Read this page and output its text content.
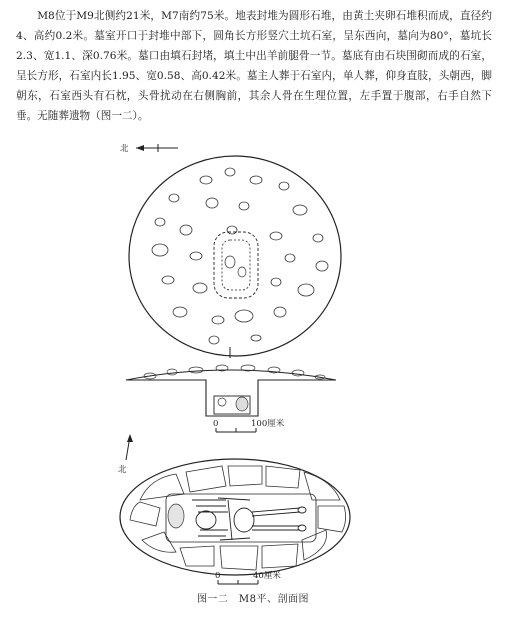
M8位于M9北侧约21米，M7南约75米。地表封堆为圆形石堆，由黄土夹卵石堆积而成，直径约4、高约0.2米。墓室开口于封堆中部下，圆角长方形竖穴土坑石室，呈东西向，墓向为80°，墓坑长2.3、宽1.1、深0.76米。墓口由填石封堵，填土中出羊前腿骨一节。墓底有由石块围砌而成的石室，呈长方形，石室内长1.95、宽0.58、高0.42米。墓主人葬于石室内，单人葬，仰身直肢，头朝西，脚朝东，石室西头有石枕，头骨扰动在右侧胸前，其余人骨在生理位置，左手置于腹部，右手自然下垂。无随葬遗物（图一二）。

北
0	100厘米
北
0	40厘米
图一二　M8平、剖面图
